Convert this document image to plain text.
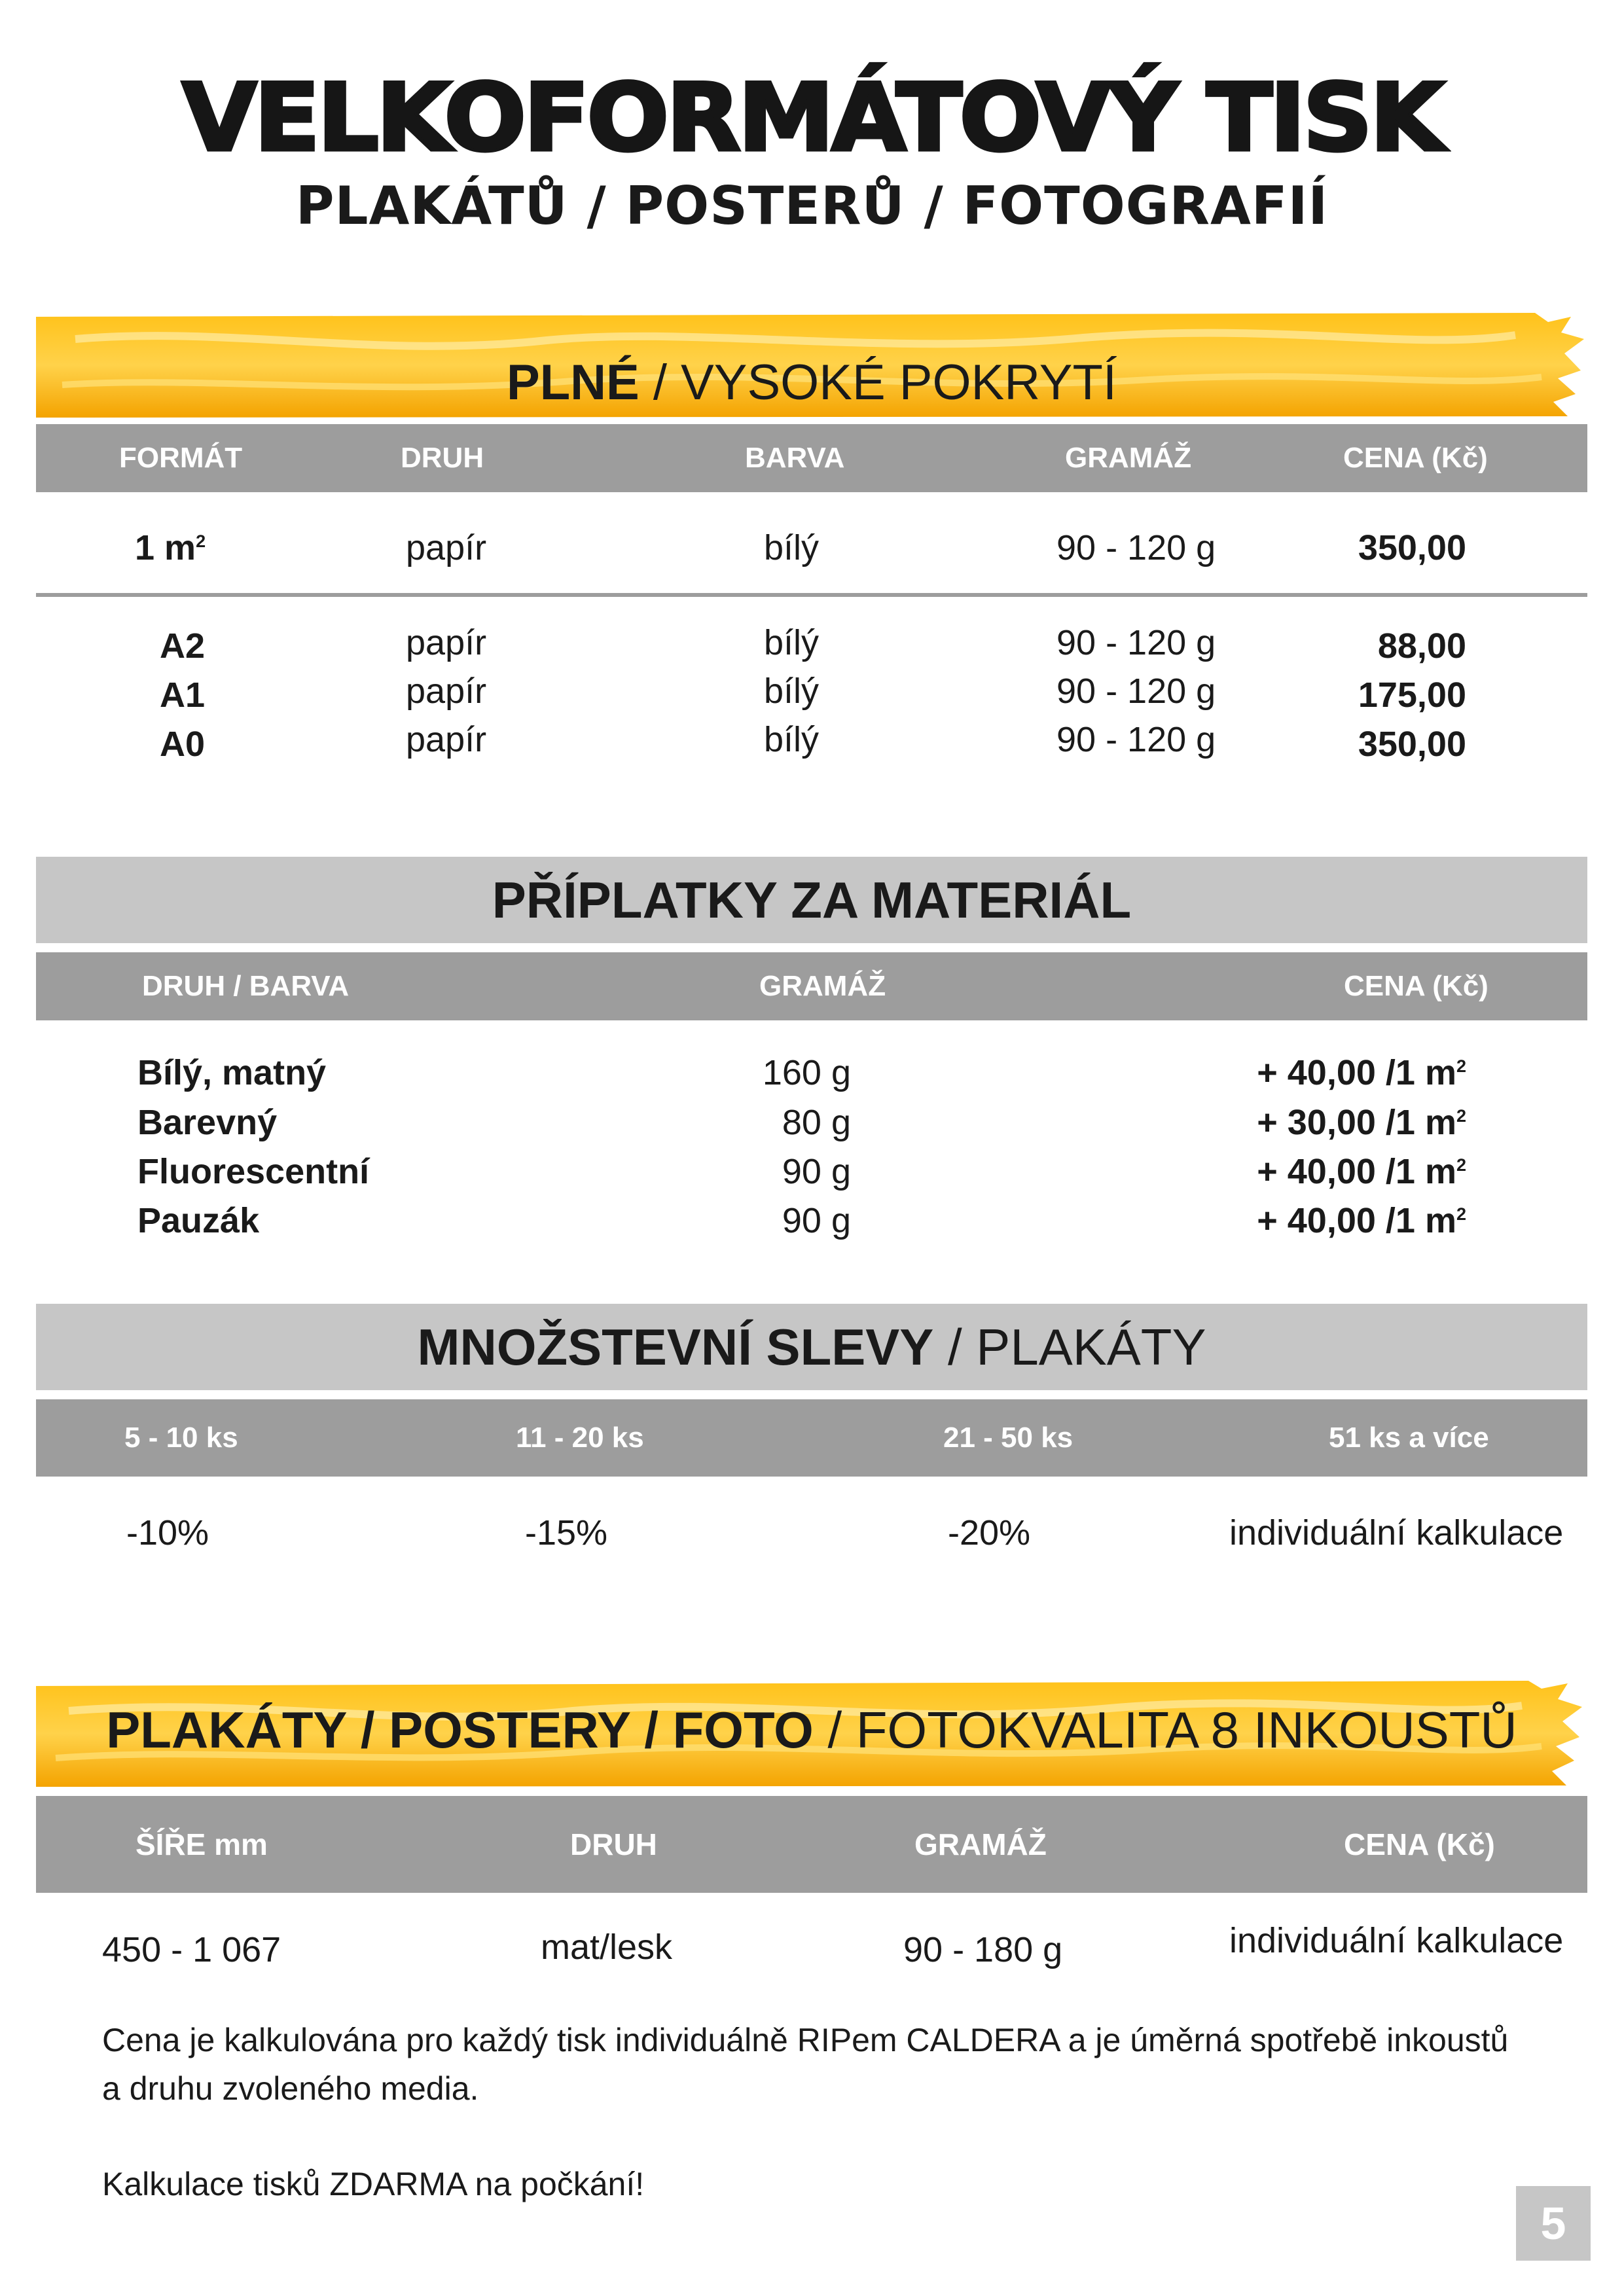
VELKOFORMÁTOVÝ TISK
PLAKÁTŮ / POSTERŮ / FOTOGRAFIÍ
PLNÉ
/ VYSOKÉ POKRYTÍ
FORMÁT	DRUH	BARVA	GRAMÁŽ	CENA (Kč)
1 $m^2$	papír	bílý	90 - 120 g	350,00
A2	papír	bílý	90 - 120 g	88,00
A1	papír	bílý	90 - 120 g	175,00
A0	papír	bílý	90 - 120 g	350,00
PŘÍPLATKY ZA MATERIÁL
DRUH / BARVA	GRAMÁŽ	CENA (Kč)
Bílý, matný	160 g	+ 40,00 /1 $m^2$
Barevný	80 g	+ 30,00 /1 $m^2$
Fluorescentní	90 g	+ 40,00 /1 $m^2$
Pauzák	90 g	+ 40,00 /1 $m^2$
MNOŽSTEVNÍ SLEVY
/ PLAKÁTY
5 - 10 ks	11 - 20 ks	21 - 50 ks	51 ks a více
-10%	-15%	-20%	individuální kalkulace
PLAKÁTY / POSTERY / FOTO
/ FOTOKVALITA 8 INKOUSTŮ
ŠÍŘE mm	DRUH	GRAMÁŽ	CENA (Kč)
450 - 1 067	mat/lesk	90 - 180 g	individuální kalkulace
Cena je kalkulována pro každý tisk individuálně RIPem CALDERA a je úměrná spotřebě inkoustů
a druhu zvoleného media.
Kalkulace tisků ZDARMA na počkání!
5
